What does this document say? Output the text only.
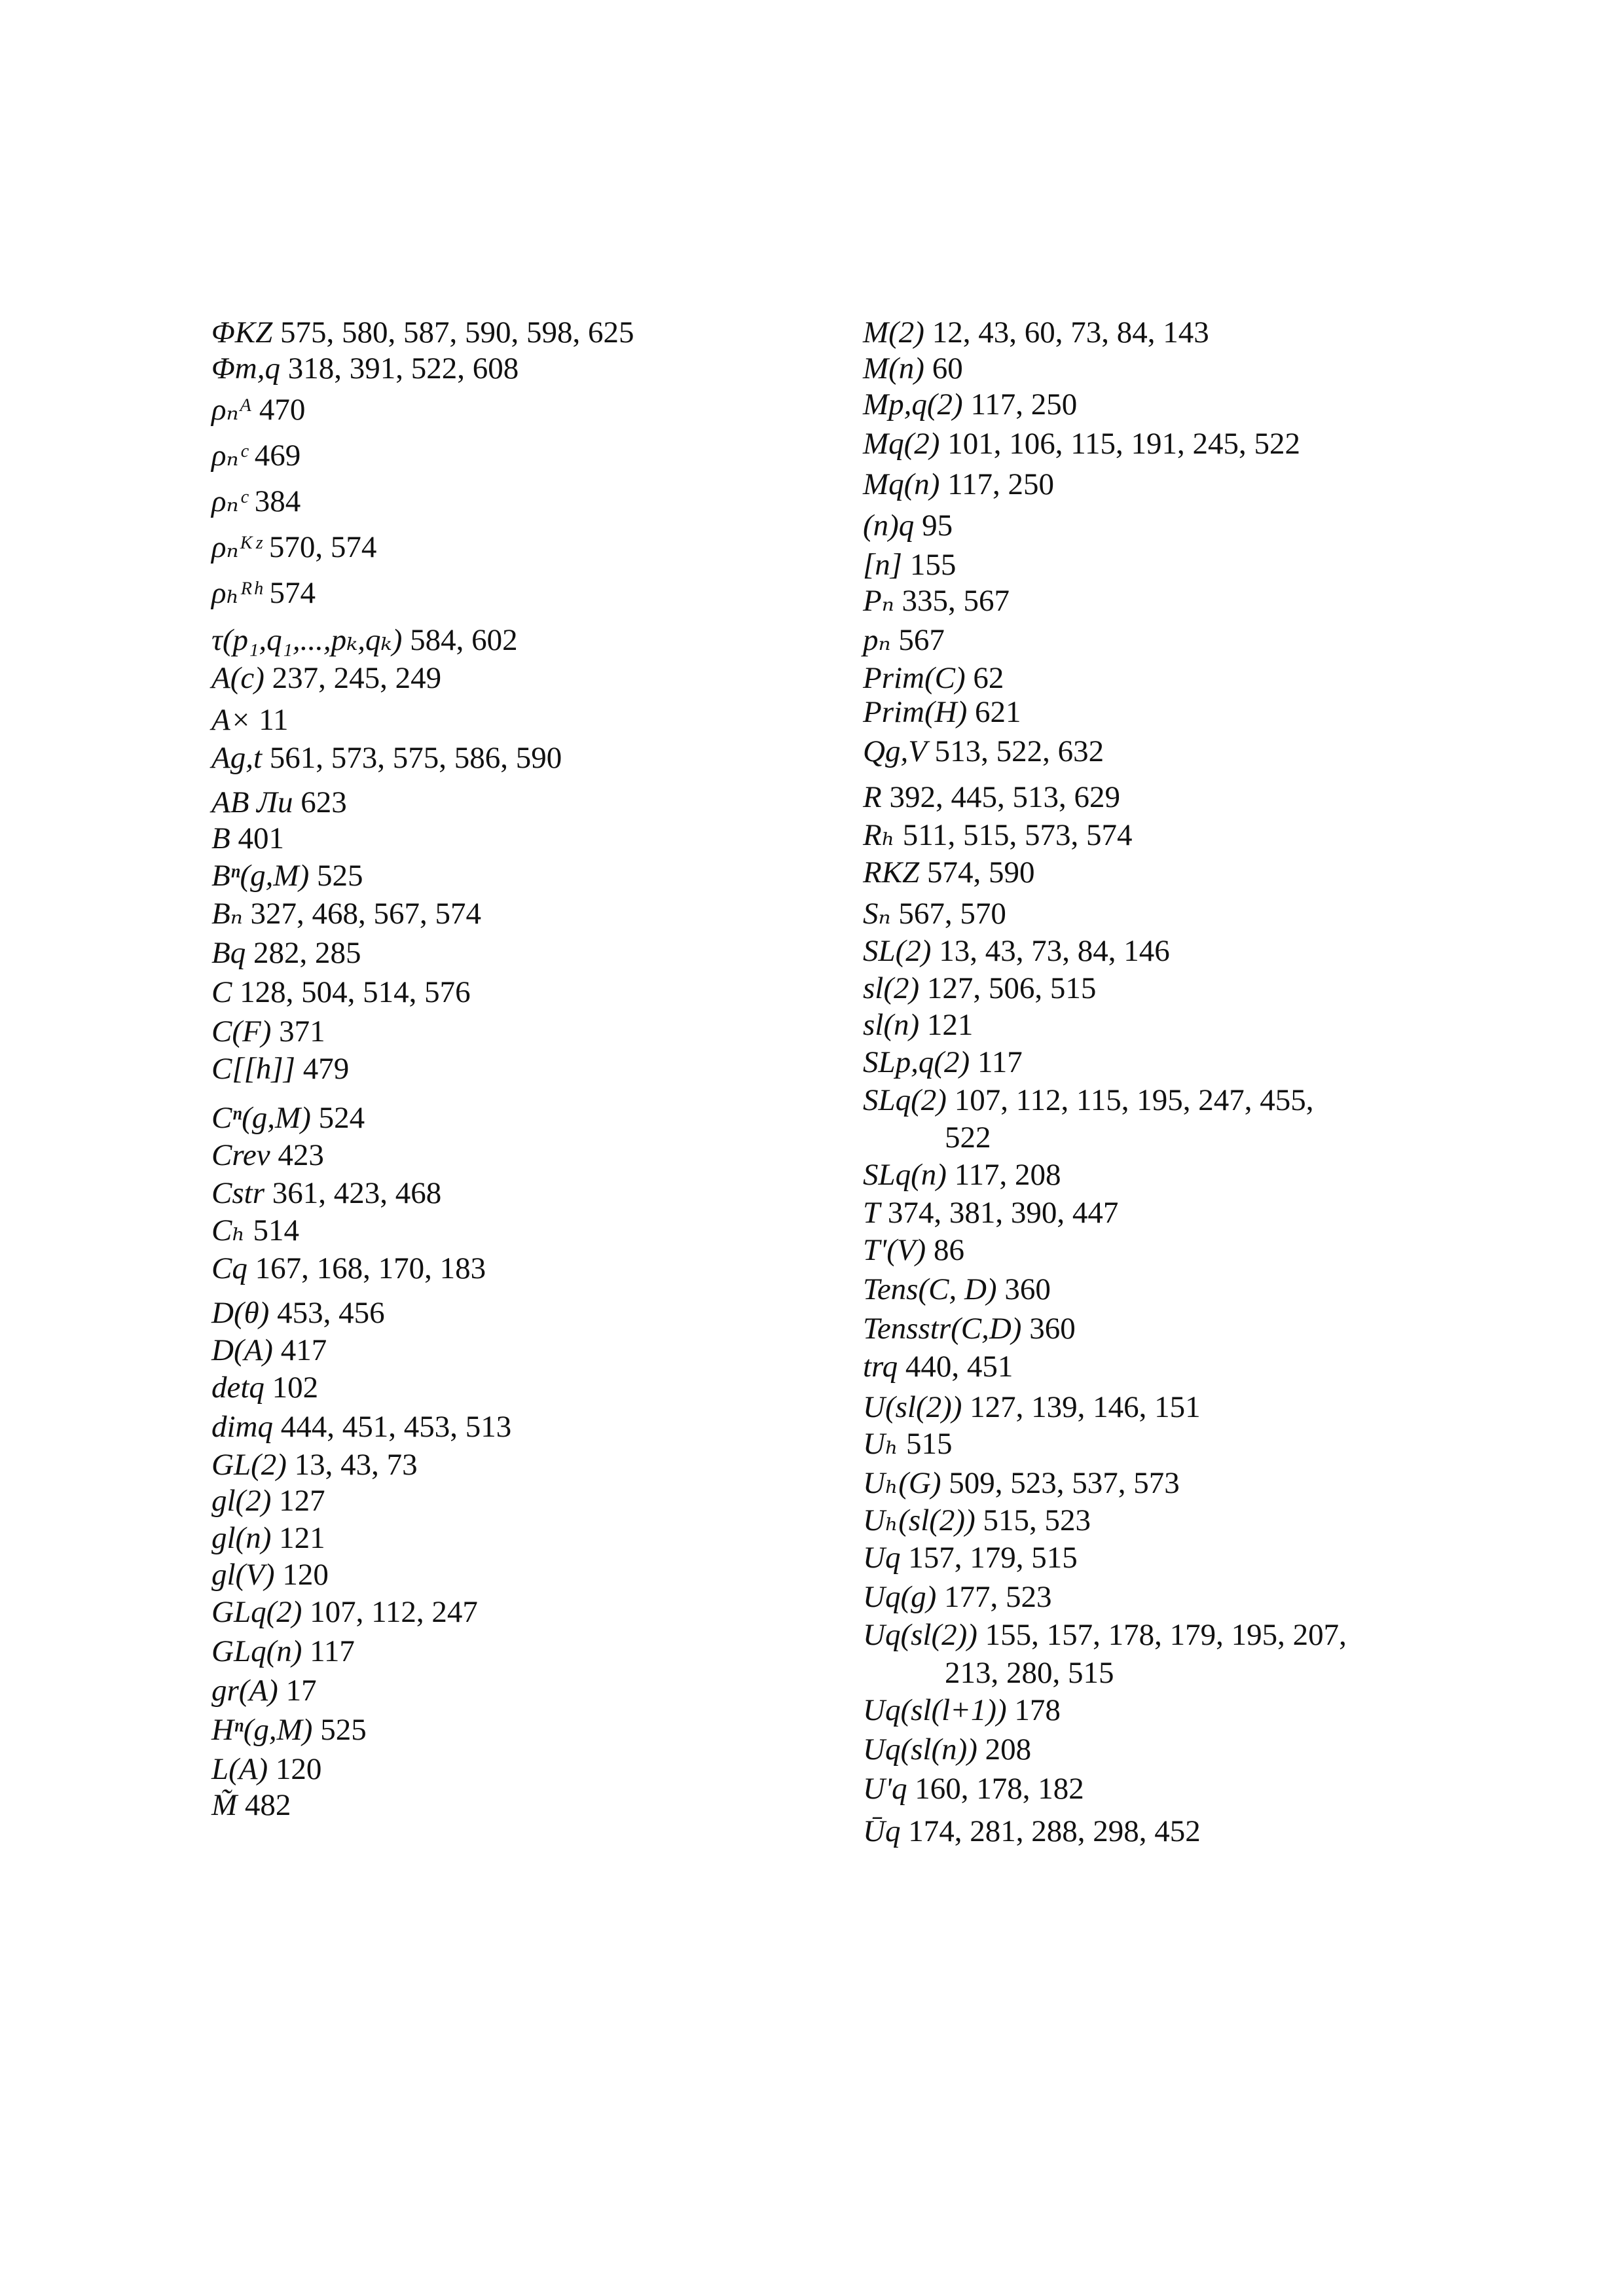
ΦKZ 575, 580, 587, 590, 598, 625
Φm,q 318, 391, 522, 608
ρₙᴬ 470
ρₙᶜ 469
ρₙᶜ 384
ρₙᴷᶻ 570, 574
ρₕᴿʰ 574
τ(p₁,q₁,...,pₖ,qₖ) 584, 602
A(c) 237, 245, 249
A× 11
Ag,t 561, 573, 575, 586, 590
AB Ли 623
B 401
Bⁿ(g,M) 525
Bₙ 327, 468, 567, 574
Bq 282, 285
C 128, 504, 514, 576
C(F) 371
C[[h]] 479
Cⁿ(g,M) 524
Crev 423
Cstr 361, 423, 468
Cₕ 514
Cq 167, 168, 170, 183
D(θ) 453, 456
D(A) 417
detq 102
dimq 444, 451, 453, 513
GL(2) 13, 43, 73
gl(2) 127
gl(n) 121
gl(V) 120
GLq(2) 107, 112, 247
GLq(n) 117
gr(A) 17
Hⁿ(g,M) 525
L(A) 120
M̃ 482
M(2) 12, 43, 60, 73, 84, 143
M(n) 60
Mp,q(2) 117, 250
Mq(2) 101, 106, 115, 191, 245, 522
Mq(n) 117, 250
(n)q 95
[n] 155
Pₙ 335, 567
pₙ 567
Prim(C) 62
Prim(H) 621
Qg,V 513, 522, 632
R 392, 445, 513, 629
Rₕ 511, 515, 573, 574
RKZ 574, 590
Sₙ 567, 570
SL(2) 13, 43, 73, 84, 146
sl(2) 127, 506, 515
sl(n) 121
SLp,q(2) 117
SLq(2) 107, 112, 115, 195, 247, 455,
522
SLq(n) 117, 208
T 374, 381, 390, 447
T'(V) 86
Tens(C, D) 360
Tensstr(C,D) 360
trq 440, 451
U(sl(2)) 127, 139, 146, 151
Uₕ 515
Uₕ(G) 509, 523, 537, 573
Uₕ(sl(2)) 515, 523
Uq 157, 179, 515
Uq(g) 177, 523
Uq(sl(2)) 155, 157, 178, 179, 195, 207,
213, 280, 515
Uq(sl(l+1)) 178
Uq(sl(n)) 208
U'q 160, 178, 182
Ūq 174, 281, 288, 298, 452
